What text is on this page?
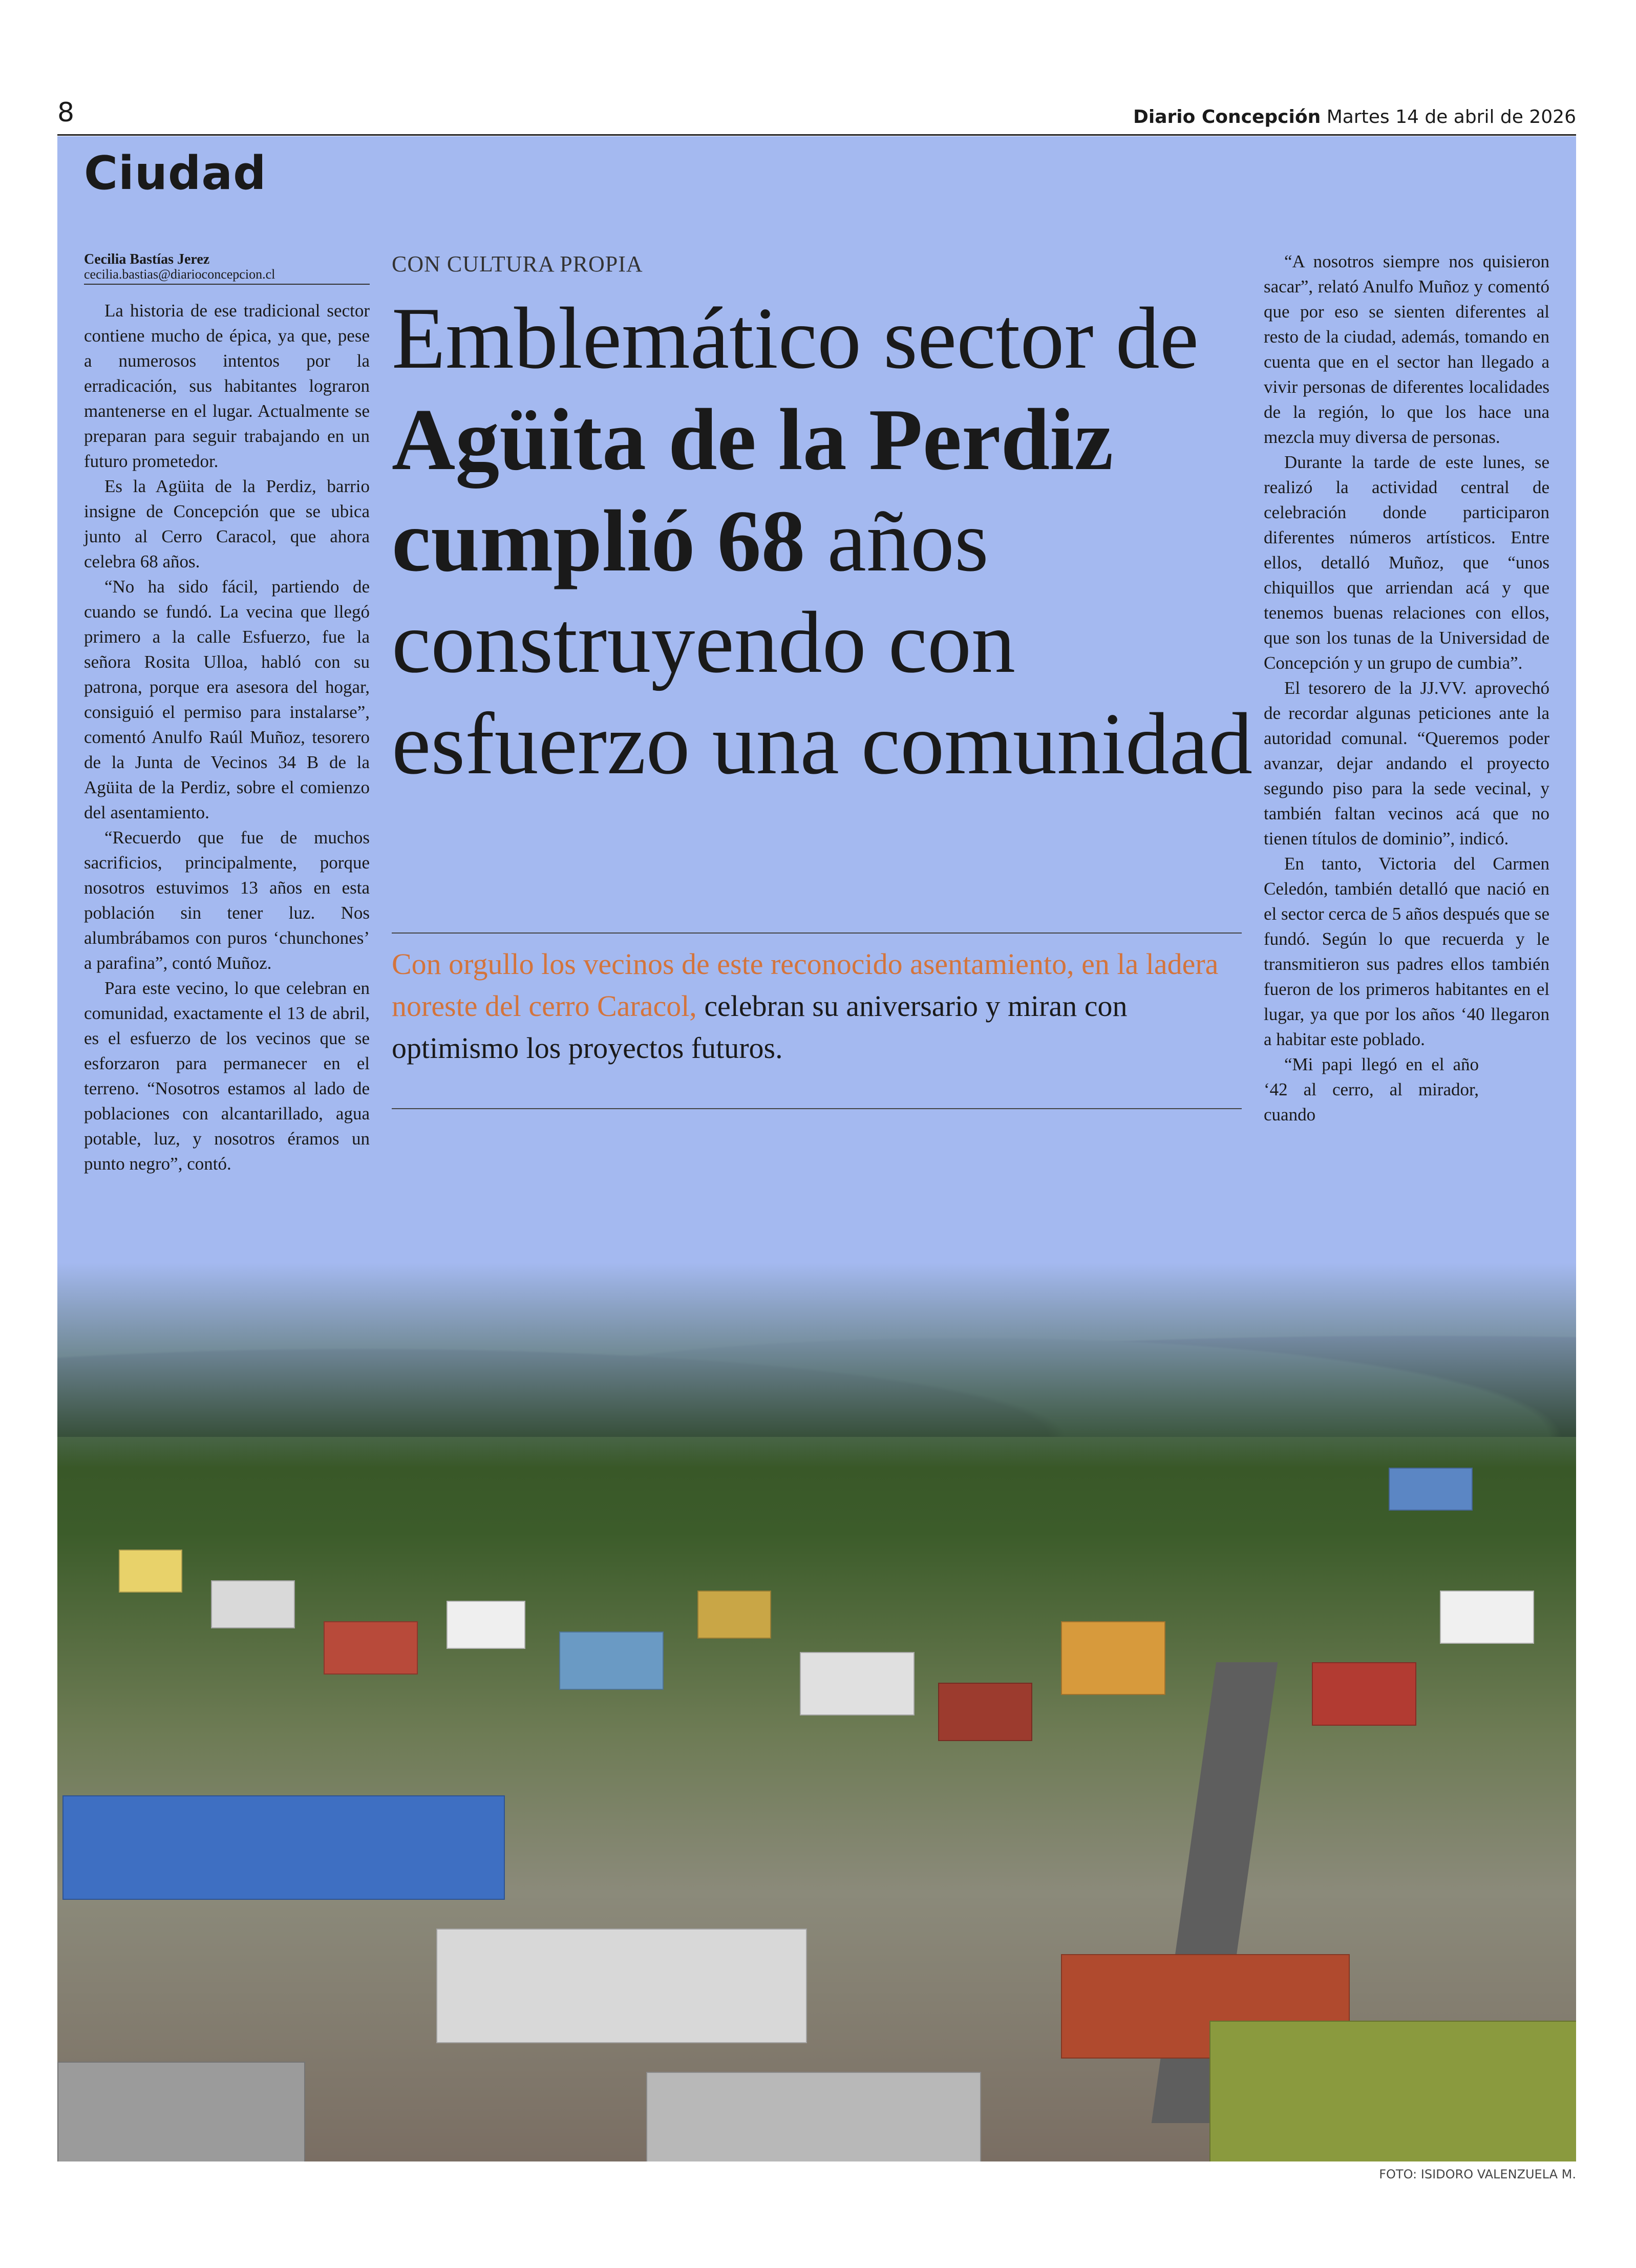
8	Diario Concepción Martes 14 de abril de 2026
Ciudad
Cecilia Bastías Jerez
cecilia.bastias@diarioconcepcion.cl

La historia de ese tradicional sector contiene mucho de épica, ya que, pese a numerosos intentos por la erradicación, sus habitantes lograron mantenerse en el lugar. Actualmente se preparan para seguir trabajando en un futuro prometedor.

Es la Agüita de la Perdiz, barrio insigne de Concepción que se ubica junto al Cerro Caracol, que ahora celebra 68 años.

“No ha sido fácil, partiendo de cuando se fundó. La vecina que llegó primero a la calle Esfuerzo, fue la señora Rosita Ulloa, habló con su patrona, porque era asesora del hogar, consiguió el permiso para instalarse”, comentó Anulfo Raúl Muñoz, tesorero de la Junta de Vecinos 34 B de la Agüita de la Perdiz, sobre el comienzo del asentamiento.

“Recuerdo que fue de muchos sacrificios, principalmente, porque nosotros estuvimos 13 años en esta población sin tener luz. Nos alumbrábamos con puros ‘chunchones’ a parafina”, contó Muñoz.

Para este vecino, lo que celebran en comunidad, exactamente el 13 de abril, es el esfuerzo de los vecinos que se esforzaron para permanecer en el terreno. “Nosotros estamos al lado de poblaciones con alcantarillado, agua potable, luz, y nosotros éramos un punto negro”, contó.

CON CULTURA PROPIA
Emblemático sector de Agüita de la Perdiz cumplió 68 años construyendo con esfuerzo una comunidad
Con orgullo los vecinos de este reconocido asentamiento, en la ladera noreste del cerro Caracol, celebran su aniversario y miran con optimismo los proyectos futuros.

“A nosotros siempre nos quisieron sacar”, relató Anulfo Muñoz y comentó que por eso se sienten diferentes al resto de la ciudad, además, tomando en cuenta que en el sector han llegado a vivir personas de diferentes localidades de la región, lo que los hace una mezcla muy diversa de personas.

Durante la tarde de este lunes, se realizó la actividad central de celebración donde participaron diferentes números artísticos. Entre ellos, detalló Muñoz, que “unos chiquillos que arriendan acá y que tenemos buenas relaciones con ellos, que son los tunas de la Universidad de Concepción y un grupo de cumbia”.

El tesorero de la JJ.VV. aprovechó de recordar algunas peticiones ante la autoridad comunal. “Queremos poder avanzar, dejar andando el proyecto segundo piso para la sede vecinal, y también faltan vecinos acá que no tienen títulos de dominio”, indicó.

En tanto, Victoria del Carmen Celedón, también detalló que nació en el sector cerca de 5 años después que se fundó. Según lo que recuerda y le transmitieron sus padres ellos también fueron de los primeros habitantes en el lugar, ya que por los años ‘40 llegaron a habitar este poblado.

“Mi papi llegó en el año ‘42 al cerro, al mirador, cuando

FOTO: ISIDORO VALENZUELA M.
